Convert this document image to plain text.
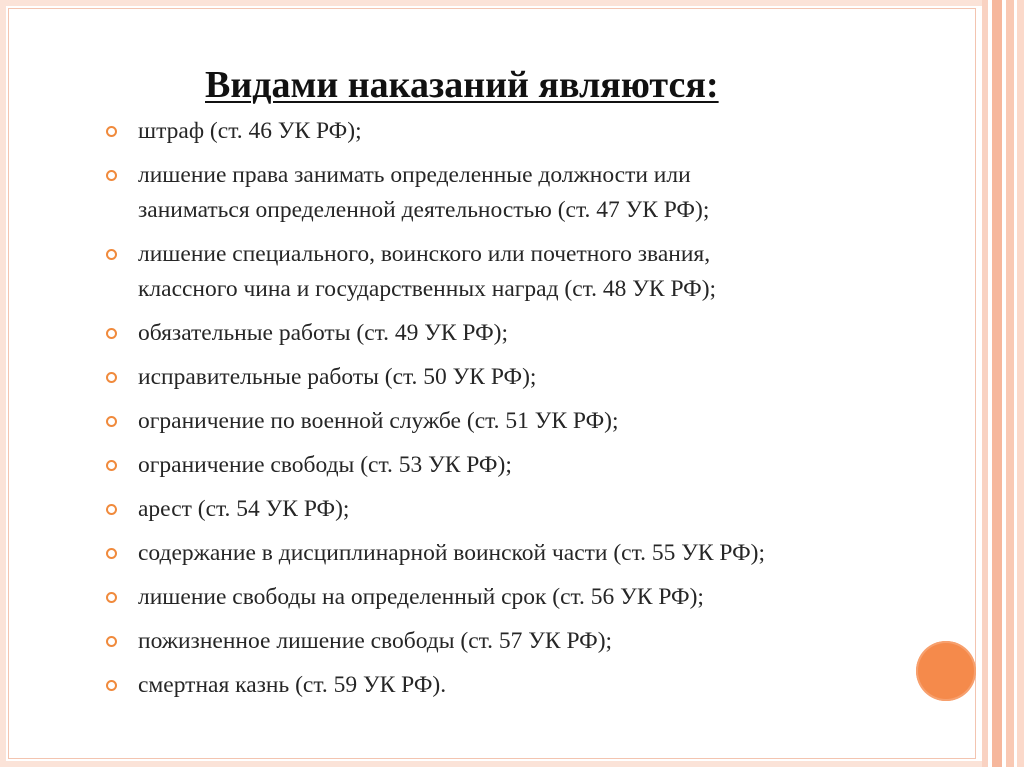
Видами наказаний являются:
штраф (ст. 46 УК РФ);
лишение права занимать определенные должности или
заниматься определенной деятельностью (ст. 47 УК РФ);
лишение специального, воинского или почетного звания,
классного чина и государственных наград (ст. 48 УК РФ);
обязательные работы (ст. 49 УК РФ);
исправительные работы (ст. 50 УК РФ);
ограничение по военной службе (ст. 51 УК РФ);
ограничение свободы (ст. 53 УК РФ);
арест (ст. 54 УК РФ);
содержание в дисциплинарной воинской части (ст. 55 УК РФ);
лишение свободы на определенный срок (ст. 56 УК РФ);
пожизненное лишение свободы (ст. 57 УК РФ);
смертная казнь (ст. 59 УК РФ).
